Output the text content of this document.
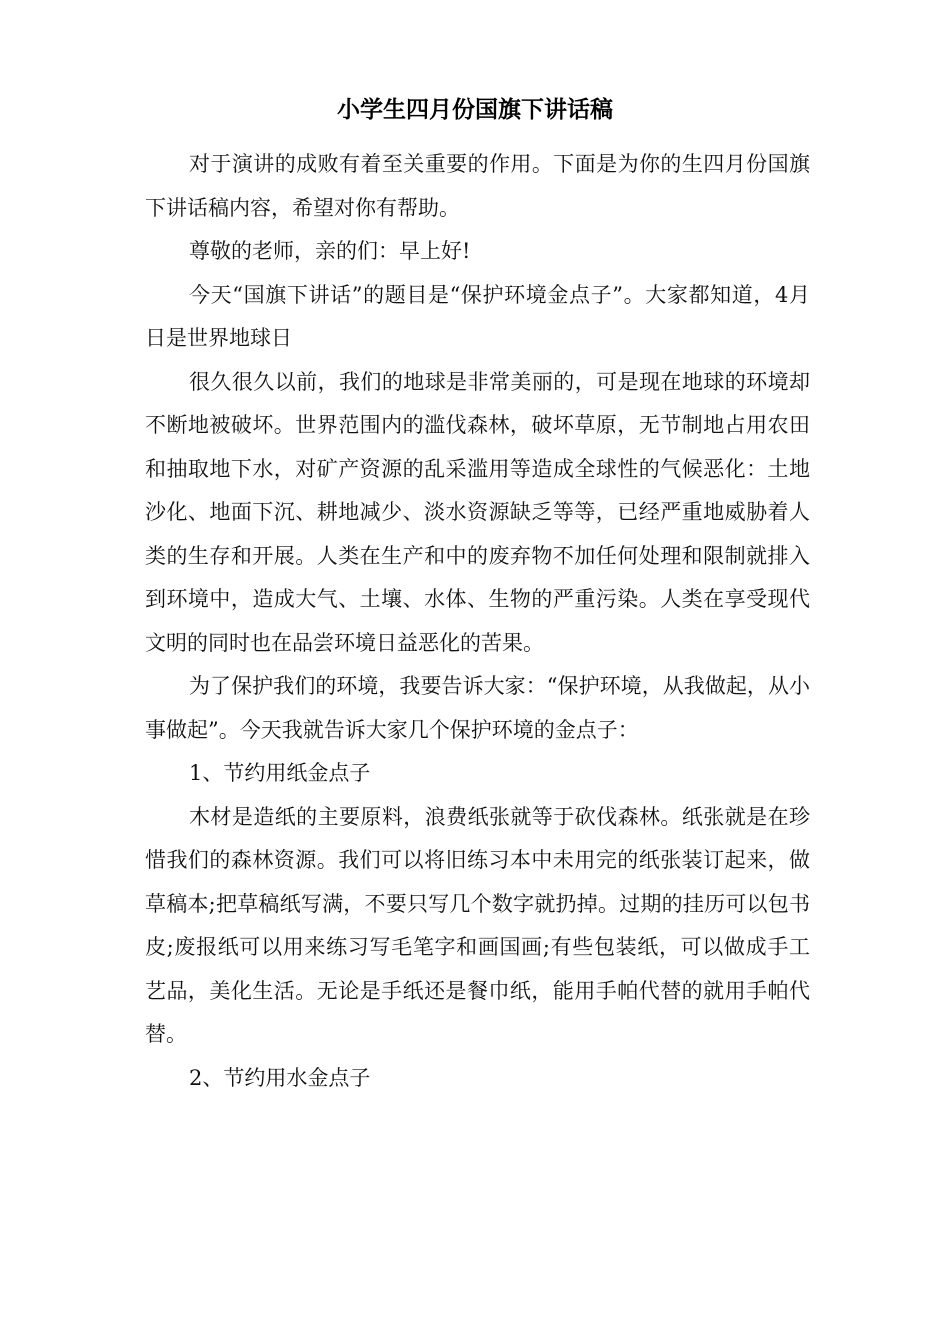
小学生四月份国旗下讲话稿

对于演讲的成败有着至关重要的作用。下面是为你的生四月份国旗下讲话稿内容，希望对你有帮助。

尊敬的老师，亲的们：早上好!

今天“国旗下讲话”的题目是“保护环境金点子”。大家都知道，4月日是世界地球日

很久很久以前，我们的地球是非常美丽的，可是现在地球的环境却不断地被破坏。世界范围内的滥伐森林，破坏草原，无节制地占用农田和抽取地下水，对矿产资源的乱采滥用等造成全球性的气候恶化：土地沙化、地面下沉、耕地减少、淡水资源缺乏等等，已经严重地威胁着人类的生存和开展。人类在生产和中的废弃物不加任何处理和限制就排入到环境中，造成大气、土壤、水体、生物的严重污染。人类在享受现代文明的同时也在品尝环境日益恶化的苦果。

为了保护我们的环境，我要告诉大家：“保护环境，从我做起，从小事做起”。今天我就告诉大家几个保护环境的金点子：

1、节约用纸金点子

木材是造纸的主要原料，浪费纸张就等于砍伐森林。纸张就是在珍惜我们的森林资源。我们可以将旧练习本中未用完的纸张装订起来，做草稿本;把草稿纸写满，不要只写几个数字就扔掉。过期的挂历可以包书皮;废报纸可以用来练习写毛笔字和画国画;有些包装纸，可以做成手工艺品，美化生活。无论是手纸还是餐巾纸，能用手帕代替的就用手帕代替。

2、节约用水金点子
